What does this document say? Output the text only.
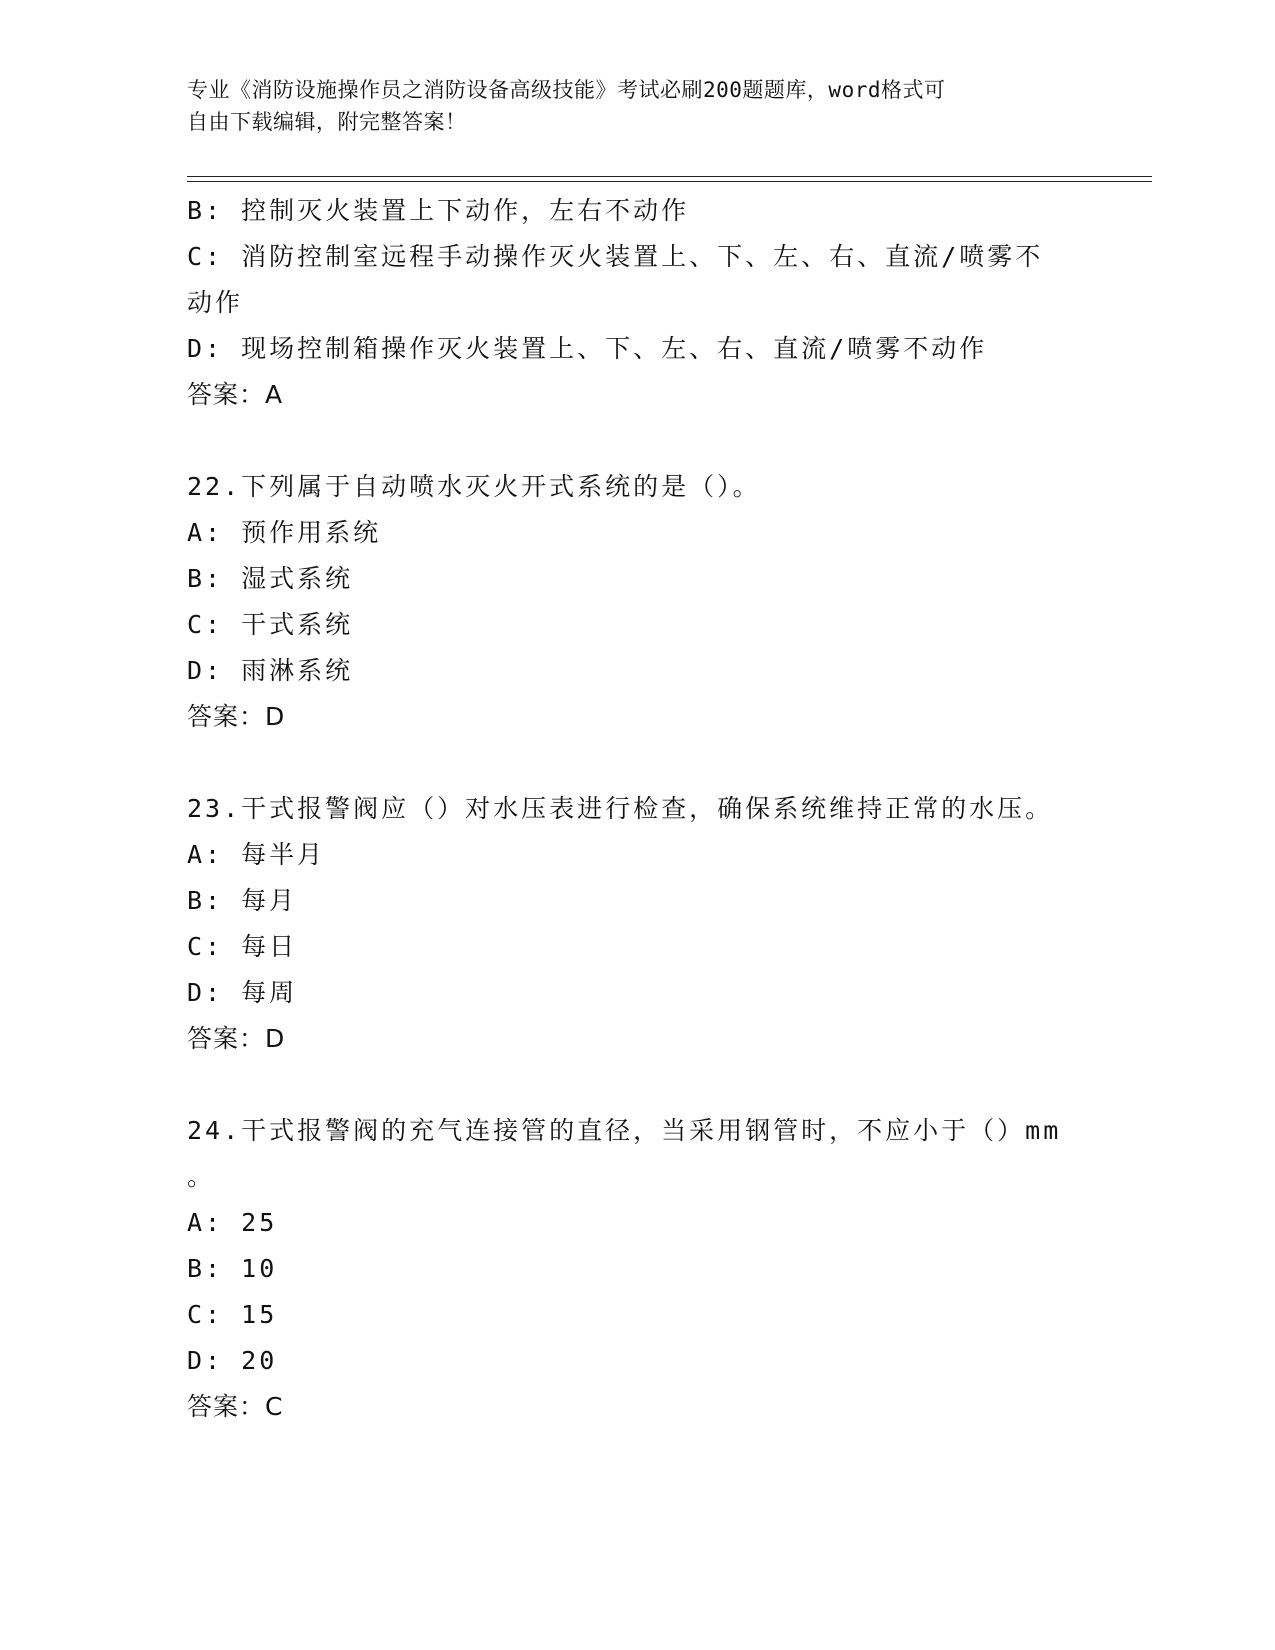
专业《消防设施操作员之消防设备高级技能》考试必刷200题题库，word格式可
自由下载编辑，附完整答案！
B: 控制灭火装置上下动作，左右不动作
C: 消防控制室远程手动操作灭火装置上、下、左、右、直流/喷雾不
动作
D: 现场控制箱操作灭火装置上、下、左、右、直流/喷雾不动作
答案：A
22.下列属于自动喷水灭火开式系统的是（）。
A: 预作用系统
B: 湿式系统
C: 干式系统
D: 雨淋系统
答案：D
23.干式报警阀应（）对水压表进行检查，确保系统维持正常的水压。
A: 每半月
B: 每月
C: 每日
D: 每周
答案：D
24.干式报警阀的充气连接管的直径，当采用钢管时，不应小于（）mm
。
A: 25
B: 10
C: 15
D: 20
答案：C
